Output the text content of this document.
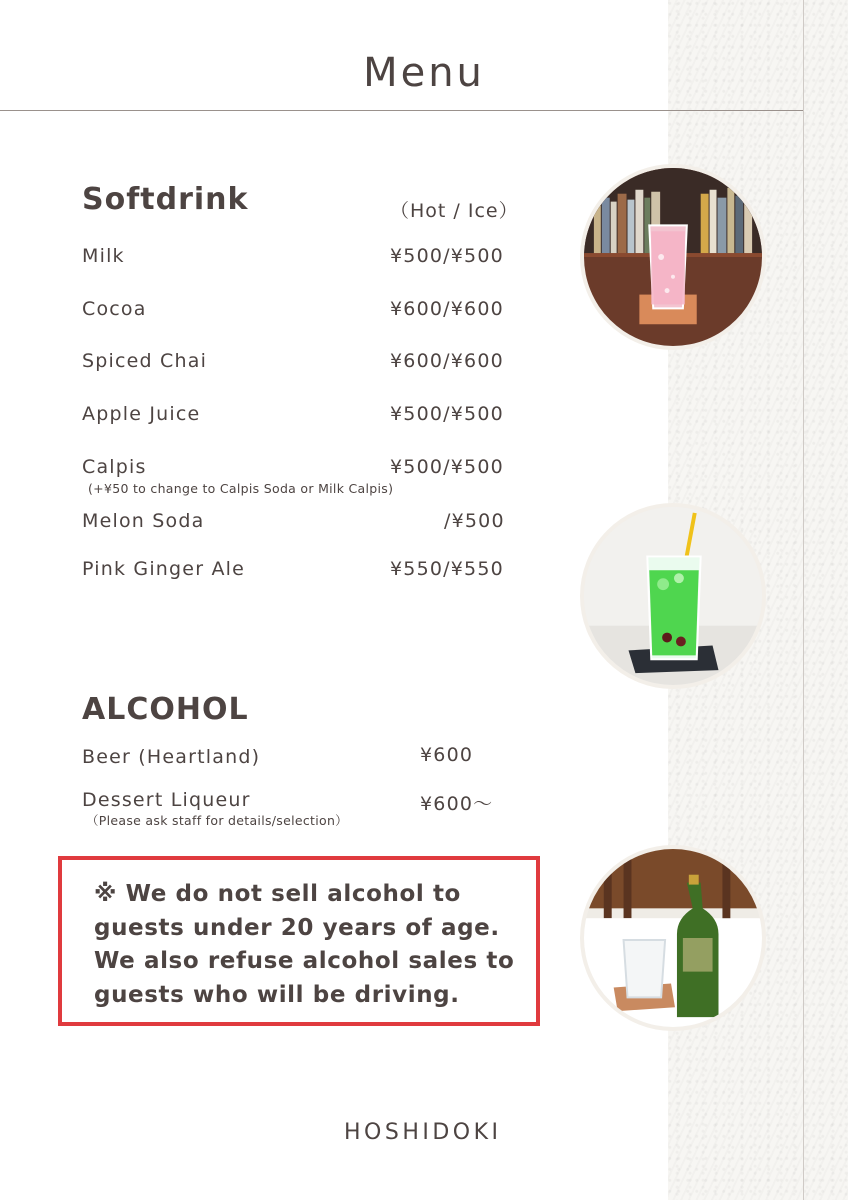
Menu
Softdrink	（Hot / Ice）
Milk	¥500/¥500
Cocoa	¥600/¥600
Spiced Chai	¥600/¥600
Apple Juice	¥500/¥500
Calpis	¥500/¥500
(+¥50 to change to Calpis Soda or Milk Calpis)
Melon Soda	/¥500
Pink Ginger Ale	¥550/¥550
ALCOHOL
Beer (Heartland)	¥600
Dessert Liqueur	¥600～
（Please ask staff for details/selection）
※ We do not sell alcohol to
guests under 20 years of age.
We also refuse alcohol sales to
guests who will be driving.
HOSHIDOKI
